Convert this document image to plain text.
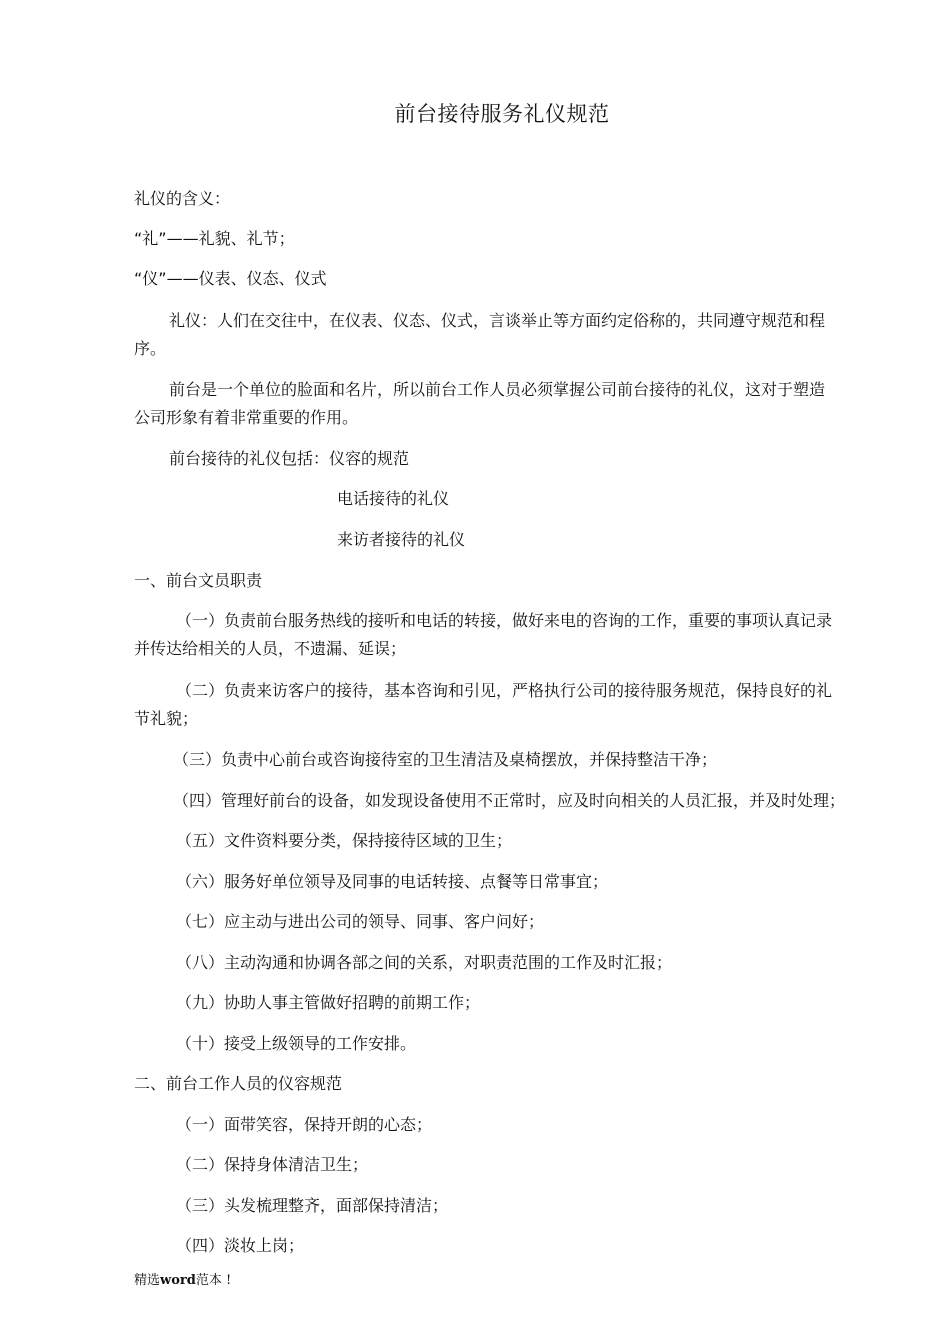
前台接待服务礼仪规范
礼仪的含义：
“礼”——礼貌、礼节；
“仪”——仪表、仪态、仪式
礼仪：人们在交往中，在仪表、仪态、仪式，言谈举止等方面约定俗称的，共同遵守规范和程
序。
前台是一个单位的脸面和名片，所以前台工作人员必须掌握公司前台接待的礼仪，这对于塑造
公司形象有着非常重要的作用。
前台接待的礼仪包括：仪容的规范
电话接待的礼仪
来访者接待的礼仪
一、前台文员职责
（一）负责前台服务热线的接听和电话的转接，做好来电的咨询的工作，重要的事项认真记录
并传达给相关的人员，不遗漏、延误；
（二）负责来访客户的接待，基本咨询和引见，严格执行公司的接待服务规范，保持良好的礼
节礼貌；
（三）负责中心前台或咨询接待室的卫生清洁及桌椅摆放，并保持整洁干净；
（四）管理好前台的设备，如发现设备使用不正常时，应及时向相关的人员汇报，并及时处理；
（五）文件资料要分类，保持接待区域的卫生；
（六）服务好单位领导及同事的电话转接、点餐等日常事宜；
（七）应主动与进出公司的领导、同事、客户问好；
（八）主动沟通和协调各部之间的关系，对职责范围的工作及时汇报；
（九）协助人事主管做好招聘的前期工作；
（十）接受上级领导的工作安排。
二、前台工作人员的仪容规范
（一）面带笑容，保持开朗的心态；
（二）保持身体清洁卫生；
（三）头发梳理整齐，面部保持清洁；
（四）淡妆上岗；
精选word范本 !
